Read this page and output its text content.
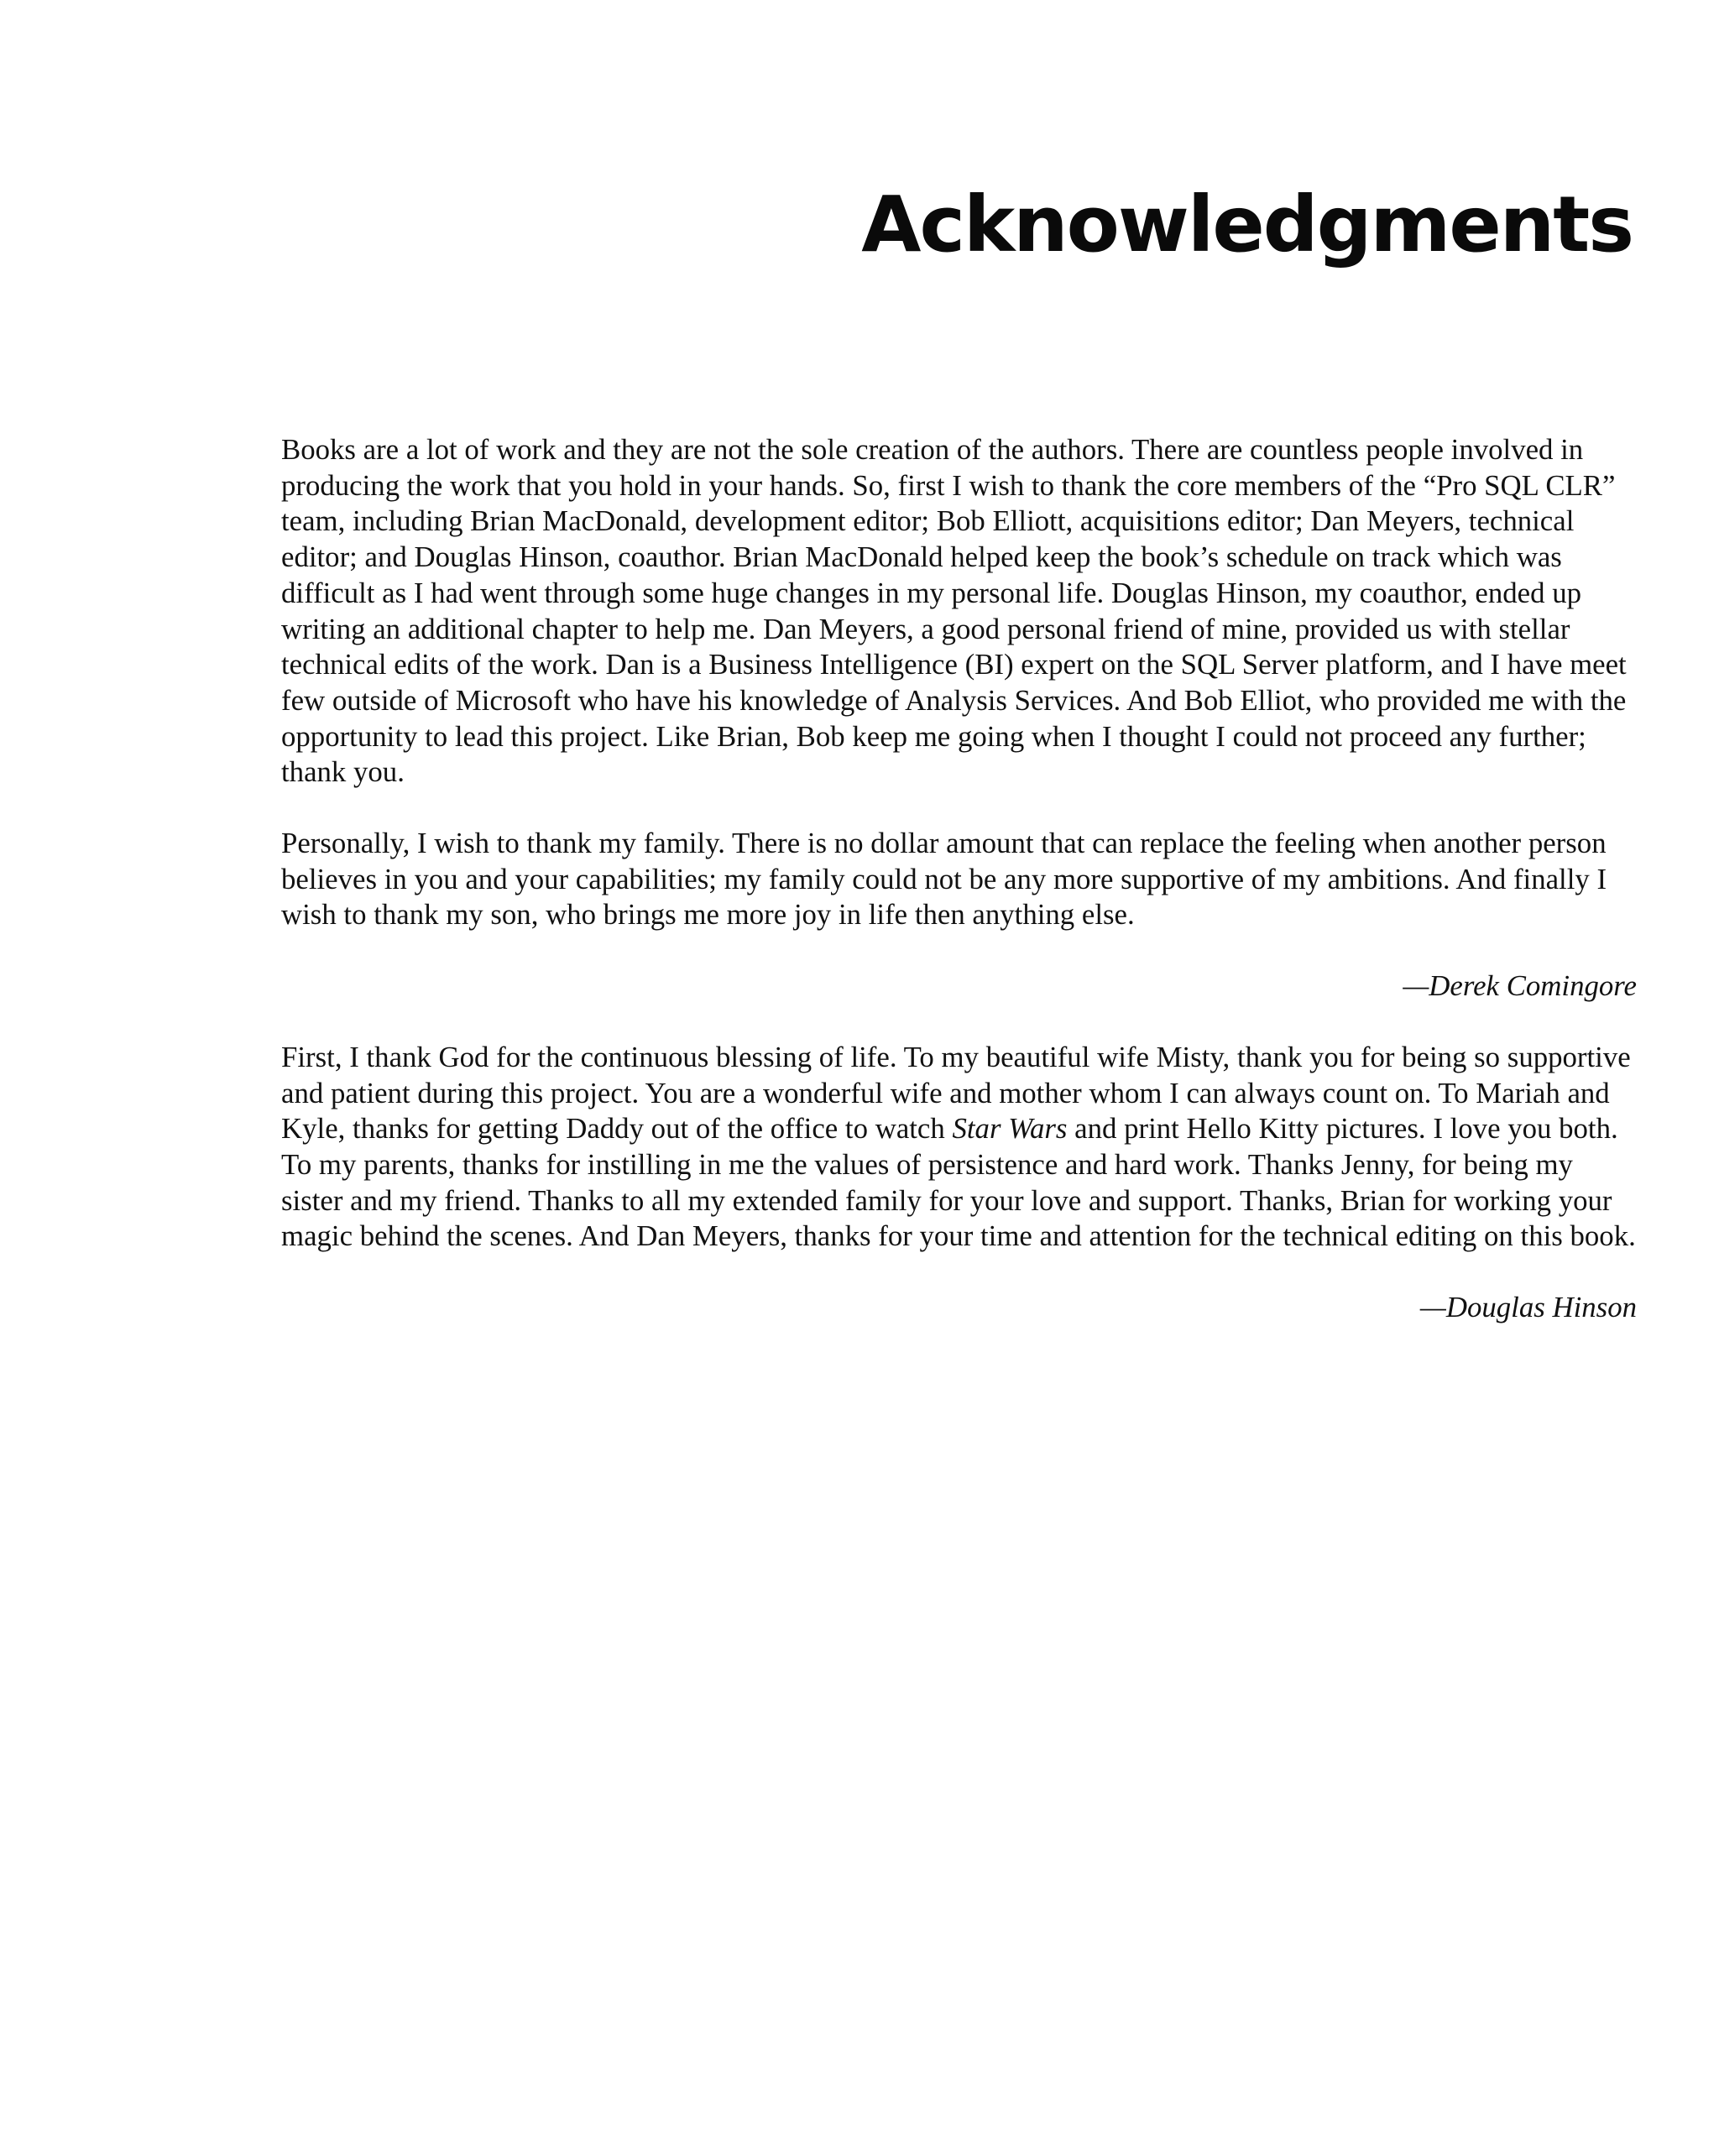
Acknowledgments

Books are a lot of work and they are not the sole creation of the authors. There are countless people involved in producing the work that you hold in your hands. So, first I wish to thank the core members of the “Pro SQL CLR” team, including Brian MacDonald, development editor; Bob Elliott, acquisitions editor; Dan Meyers, technical editor; and Douglas Hinson, coauthor. Brian MacDonald helped keep the book’s schedule on track which was difficult as I had went through some huge changes in my personal life. Douglas Hinson, my coauthor, ended up writing an additional chapter to help me. Dan Meyers, a good personal friend of mine, provided us with stellar technical edits of the work. Dan is a Business Intelligence (BI) expert on the SQL Server platform, and I have meet few outside of Microsoft who have his knowledge of Analysis Services. And Bob Elliot, who provided me with the opportunity to lead this project. Like Brian, Bob keep me going when I thought I could not proceed any further; thank you.

Personally, I wish to thank my family. There is no dollar amount that can replace the feeling when another person believes in you and your capabilities; my family could not be any more supportive of my ambitions. And finally I wish to thank my son, who brings me more joy in life then anything else.

—Derek Comingore

First, I thank God for the continuous blessing of life. To my beautiful wife Misty, thank you for being so supportive and patient during this project. You are a wonderful wife and mother whom I can always count on. To Mariah and Kyle, thanks for getting Daddy out of the office to watch Star Wars and print Hello Kitty pictures. I love you both. To my parents, thanks for instilling in me the values of persistence and hard work. Thanks Jenny, for being my sister and my friend. Thanks to all my extended family for your love and support. Thanks, Brian for working your magic behind the scenes. And Dan Meyers, thanks for your time and attention for the technical editing on this book.

—Douglas Hinson
